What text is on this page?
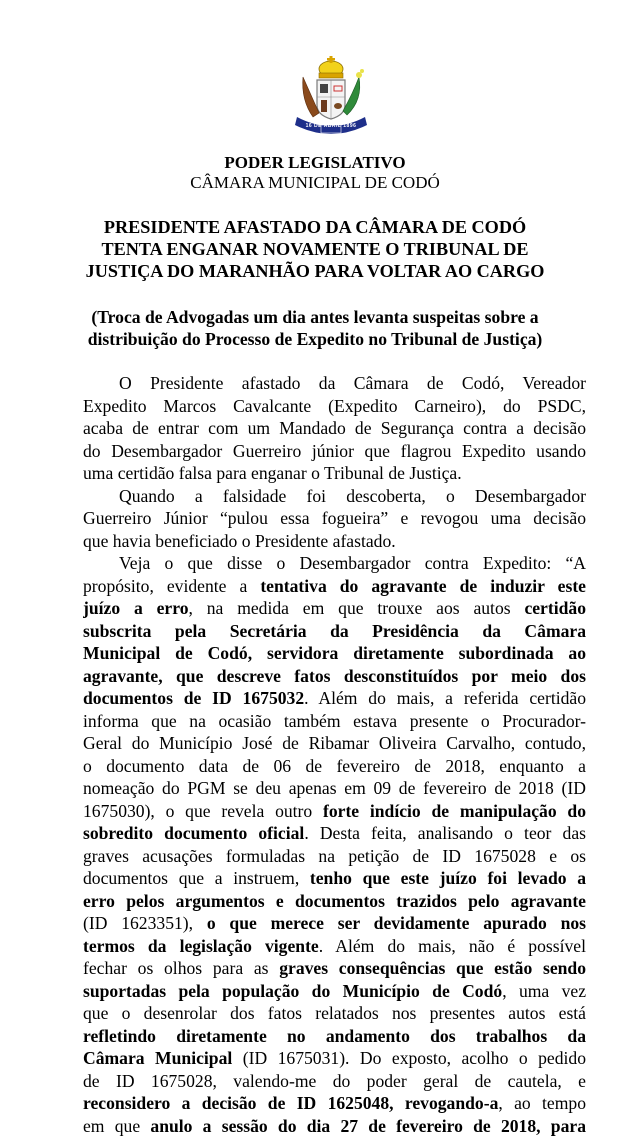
16 DE ABRIL 1896
PODER LEGISLATIVO
CÂMARA MUNICIPAL DE CODÓ
PRESIDENTE AFASTADO DA CÂMARA DE CODÓ
TENTA ENGANAR NOVAMENTE O TRIBUNAL DE
JUSTIÇA DO MARANHÃO PARA VOLTAR AO CARGO
(Troca de Advogadas um dia antes levanta suspeitas sobre a
distribuição do Processo de Expedito no Tribunal de Justiça)
O Presidente afastado da Câmara de Codó, Vereador
Expedito Marcos Cavalcante (Expedito Carneiro), do PSDC,
acaba de entrar com um Mandado de Segurança contra a decisão
do Desembargador Guerreiro júnior que flagrou Expedito usando
uma certidão falsa para enganar o Tribunal de Justiça.
Quando a falsidade foi descoberta, o Desembargador
Guerreiro Júnior “pulou essa fogueira” e revogou uma decisão
que havia beneficiado o Presidente afastado.
Veja o que disse o Desembargador contra Expedito: “A
propósito, evidente a tentativa do agravante de induzir este
juízo a erro, na medida em que trouxe aos autos certidão
subscrita pela Secretária da Presidência da Câmara
Municipal de Codó, servidora diretamente subordinada ao
agravante, que descreve fatos desconstituídos por meio dos
documentos de ID 1675032. Além do mais, a referida certidão
informa que na ocasião também estava presente o Procurador-
Geral do Município José de Ribamar Oliveira Carvalho, contudo,
o documento data de 06 de fevereiro de 2018, enquanto a
nomeação do PGM se deu apenas em 09 de fevereiro de 2018 (ID
1675030), o que revela outro forte indício de manipulação do
sobredito documento oficial. Desta feita, analisando o teor das
graves acusações formuladas na petição de ID 1675028 e os
documentos que a instruem, tenho que este juízo foi levado a
erro pelos argumentos e documentos trazidos pelo agravante
(ID 1623351), o que merece ser devidamente apurado nos
termos da legislação vigente. Além do mais, não é possível
fechar os olhos para as graves consequências que estão sendo
suportadas pela população do Município de Codó, uma vez
que o desenrolar dos fatos relatados nos presentes autos está
refletindo diretamente no andamento dos trabalhos da
Câmara Municipal (ID 1675031). Do exposto, acolho o pedido
de ID 1675028, valendo-me do poder geral de cautela, e
reconsidero a decisão de ID 1625048, revogando-a, ao tempo
em que anulo a sessão do dia 27 de fevereiro de 2018, para
